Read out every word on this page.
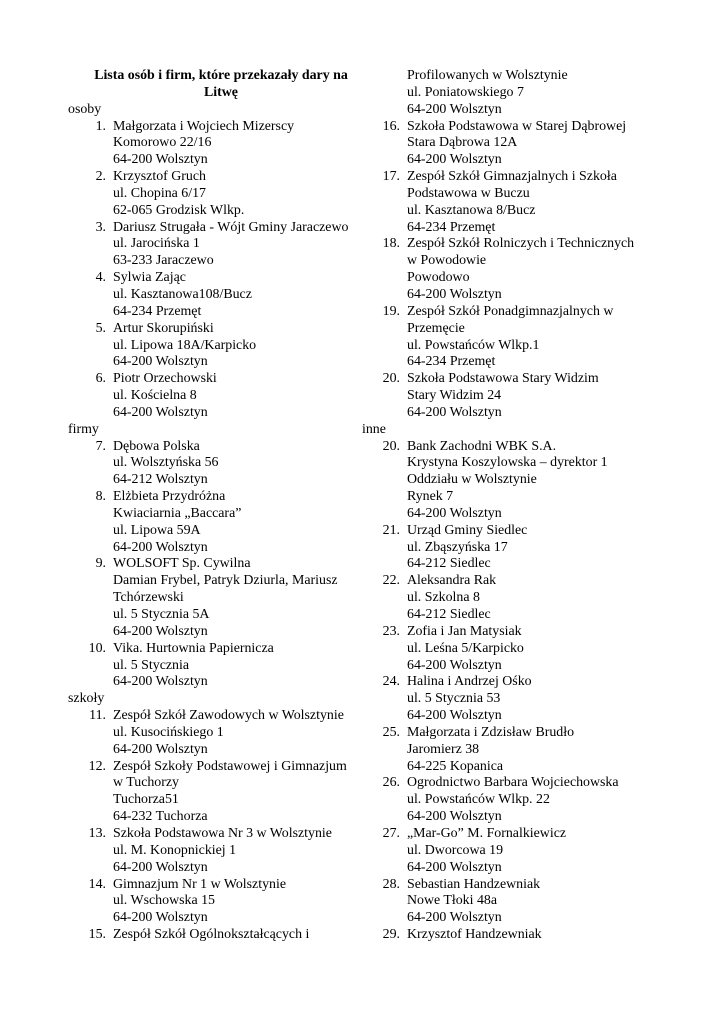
Lista osób i firm, które przekazały dary na
Litwę
osoby
1. Małgorzata i Wojciech Mizerscy
Komorowo 22/16
64-200 Wolsztyn
2. Krzysztof Gruch
ul. Chopina 6/17
62-065 Grodzisk Wlkp.
3. Dariusz Strugała - Wójt Gminy Jaraczewo
ul. Jarocińska 1
63-233 Jaraczewo
4. Sylwia Zając
ul. Kasztanowa108/Bucz
64-234 Przemęt
5. Artur Skorupiński
ul. Lipowa 18A/Karpicko
64-200 Wolsztyn
6. Piotr Orzechowski
ul. Kościelna 8
64-200 Wolsztyn
firmy
7. Dębowa Polska
ul. Wolsztyńska 56
64-212 Wolsztyn
8. Elżbieta Przydróżna
Kwiaciarnia „Baccara”
ul. Lipowa 59A
64-200 Wolsztyn
9. WOLSOFT Sp. Cywilna
Damian Frybel, Patryk Dziurla, Mariusz
Tchórzewski
ul. 5 Stycznia 5A
64-200 Wolsztyn
10. Vika. Hurtownia Papiernicza
ul. 5 Stycznia
64-200 Wolsztyn
szkoły
11. Zespół Szkół Zawodowych w Wolsztynie
ul. Kusocińskiego 1
64-200 Wolsztyn
12. Zespół Szkoły Podstawowej i Gimnazjum
w Tuchorzy
Tuchorza51
64-232 Tuchorza
13. Szkoła Podstawowa Nr 3 w Wolsztynie
ul. M. Konopnickiej 1
64-200 Wolsztyn
14. Gimnazjum Nr 1 w Wolsztynie
ul. Wschowska 15
64-200 Wolsztyn
15. Zespół Szkół Ogólnokształcących i
Profilowanych w Wolsztynie
ul. Poniatowskiego 7
64-200 Wolsztyn
16. Szkoła Podstawowa w Starej Dąbrowej
Stara Dąbrowa 12A
64-200 Wolsztyn
17. Zespół Szkół Gimnazjalnych i Szkoła
Podstawowa w Buczu
ul. Kasztanowa 8/Bucz
64-234 Przemęt
18. Zespół Szkół Rolniczych i Technicznych
w Powodowie
Powodowo
64-200 Wolsztyn
19. Zespół Szkół Ponadgimnazjalnych w
Przemęcie
ul. Powstańców Wlkp.1
64-234 Przemęt
20. Szkoła Podstawowa Stary Widzim
Stary Widzim 24
64-200 Wolsztyn
inne
20. Bank Zachodni WBK S.A.
Krystyna Koszylowska – dyrektor 1
Oddziału w Wolsztynie
Rynek 7
64-200 Wolsztyn
21. Urząd Gminy Siedlec
ul. Zbąszyńska 17
64-212 Siedlec
22. Aleksandra Rak
ul. Szkolna 8
64-212 Siedlec
23. Zofia i Jan Matysiak
ul. Leśna 5/Karpicko
64-200 Wolsztyn
24. Halina i Andrzej Ośko
ul. 5 Stycznia 53
64-200 Wolsztyn
25. Małgorzata i Zdzisław Brudło
Jaromierz 38
64-225 Kopanica
26. Ogrodnictwo Barbara Wojciechowska
ul. Powstańców Wlkp. 22
64-200 Wolsztyn
27. „Mar-Go” M. Fornalkiewicz
ul. Dworcowa 19
64-200 Wolsztyn
28. Sebastian Handzewniak
Nowe Tłoki 48a
64-200 Wolsztyn
29. Krzysztof Handzewniak
